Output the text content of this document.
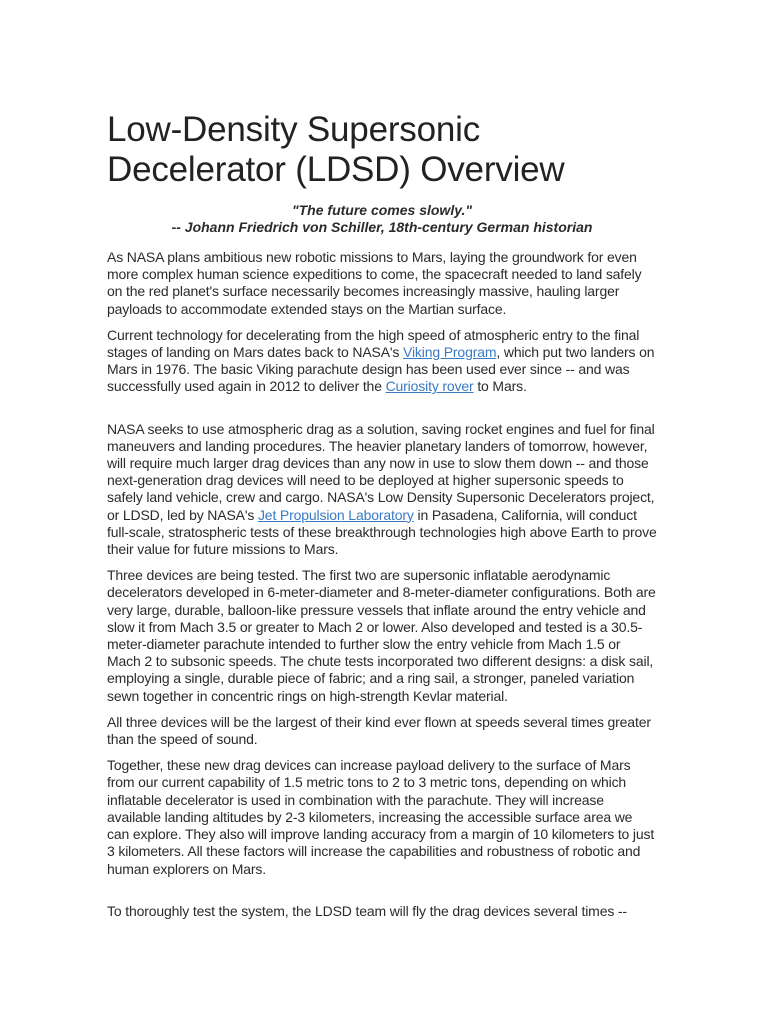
Low-Density Supersonic Decelerator (LDSD) Overview
"The future comes slowly."
-- Johann Friedrich von Schiller, 18th-century German historian

As NASA plans ambitious new robotic missions to Mars, laying the groundwork for even more complex human science expeditions to come, the spacecraft needed to land safely on the red planet's surface necessarily becomes increasingly massive, hauling larger payloads to accommodate extended stays on the Martian surface.

Current technology for decelerating from the high speed of atmospheric entry to the final stages of landing on Mars dates back to NASA's Viking Program, which put two landers on Mars in 1976. The basic Viking parachute design has been used ever since -- and was successfully used again in 2012 to deliver the Curiosity rover to Mars.

NASA seeks to use atmospheric drag as a solution, saving rocket engines and fuel for final maneuvers and landing procedures. The heavier planetary landers of tomorrow, however, will require much larger drag devices than any now in use to slow them down -- and those next-generation drag devices will need to be deployed at higher supersonic speeds to safely land vehicle, crew and cargo. NASA's Low Density Supersonic Decelerators project, or LDSD, led by NASA's Jet Propulsion Laboratory in Pasadena, California, will conduct full-scale, stratospheric tests of these breakthrough technologies high above Earth to prove their value for future missions to Mars.

Three devices are being tested. The first two are supersonic inflatable aerodynamic decelerators developed in 6-meter-diameter and 8-meter-diameter configurations. Both are very large, durable, balloon-like pressure vessels that inflate around the entry vehicle and slow it from Mach 3.5 or greater to Mach 2 or lower. Also developed and tested is a 30.5-meter-diameter parachute intended to further slow the entry vehicle from Mach 1.5 or Mach 2 to subsonic speeds. The chute tests incorporated two different designs: a disk sail, employing a single, durable piece of fabric; and a ring sail, a stronger, paneled variation sewn together in concentric rings on high-strength Kevlar material.

All three devices will be the largest of their kind ever flown at speeds several times greater than the speed of sound.

Together, these new drag devices can increase payload delivery to the surface of Mars from our current capability of 1.5 metric tons to 2 to 3 metric tons, depending on which inflatable decelerator is used in combination with the parachute. They will increase available landing altitudes by 2-3 kilometers, increasing the accessible surface area we can explore. They also will improve landing accuracy from a margin of 10 kilometers to just 3 kilometers. All these factors will increase the capabilities and robustness of robotic and human explorers on Mars.

To thoroughly test the system, the LDSD team will fly the drag devices several times --
